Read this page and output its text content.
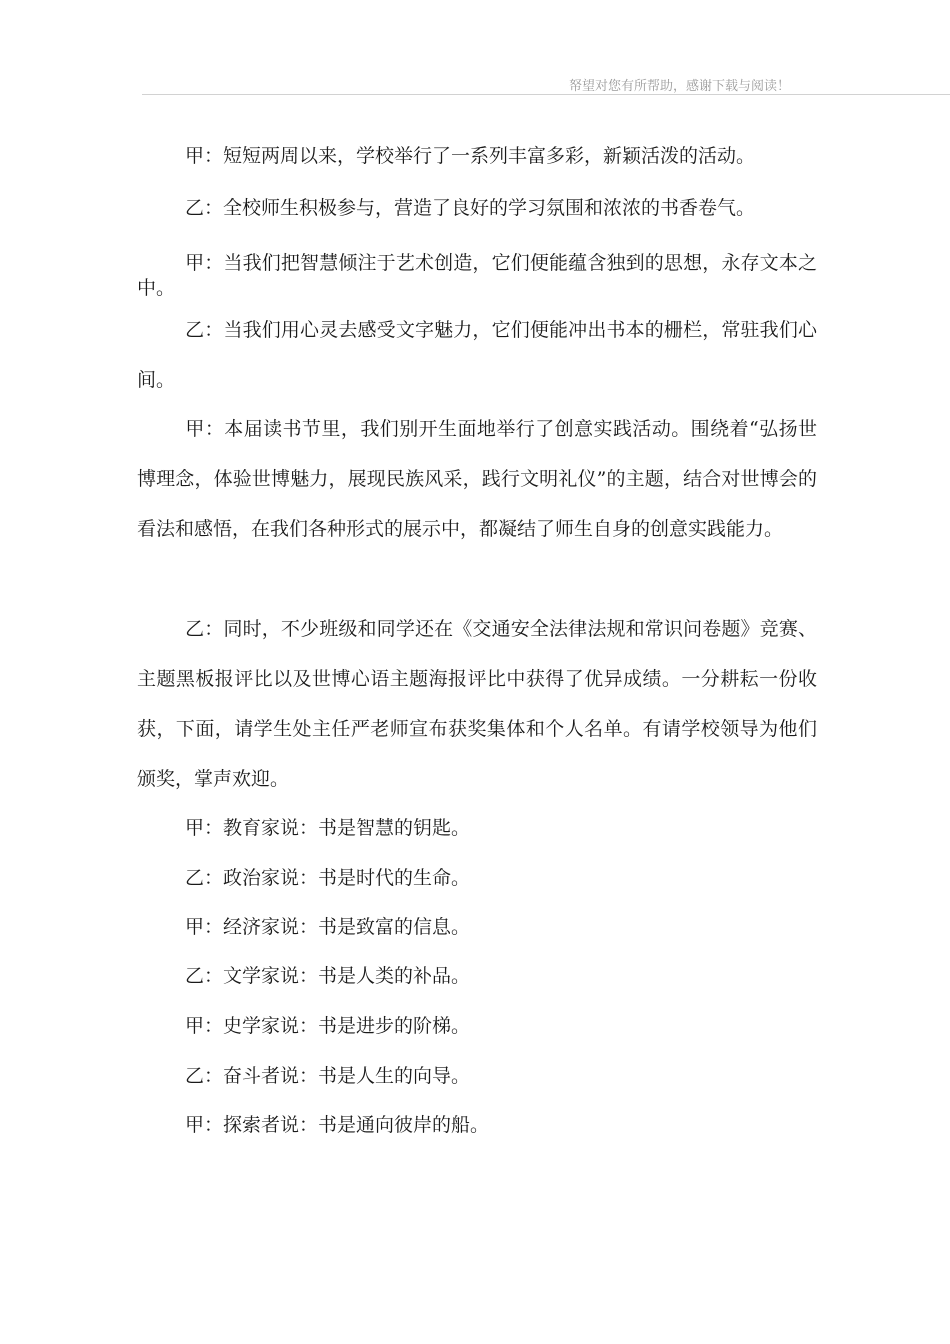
帑望对您有所帮助，感谢下载与阅读！

甲：短短两周以来，学校举行了一系列丰富多彩，新颖活泼的活动。

乙：全校师生积极参与，营造了良好的学习氛围和浓浓的书香卷气。

甲：当我们把智慧倾注于艺术创造，它们便能蕴含独到的思想，永存文本之中。

乙：当我们用心灵去感受文字魅力，它们便能冲出书本的栅栏，常驻我们心间。

甲：本届读书节里，我们别开生面地举行了创意实践活动。围绕着“弘扬世博理念，体验世博魅力，展现民族风采，践行文明礼仪”的主题，结合对世博会的看法和感悟，在我们各种形式的展示中，都凝结了师生自身的创意实践能力。

乙：同时，不少班级和同学还在《交通安全法律法规和常识问卷题》竞赛、主题黑板报评比以及世博心语主题海报评比中获得了优异成绩。一分耕耘一份收获，下面，请学生处主任严老师宣布获奖集体和个人名单。有请学校领导为他们颁奖，掌声欢迎。

甲：教育家说：书是智慧的钥匙。

乙：政治家说：书是时代的生命。

甲：经济家说：书是致富的信息。

乙：文学家说：书是人类的补品。

甲：史学家说：书是进步的阶梯。

乙：奋斗者说：书是人生的向导。

甲：探索者说：书是通向彼岸的船。
